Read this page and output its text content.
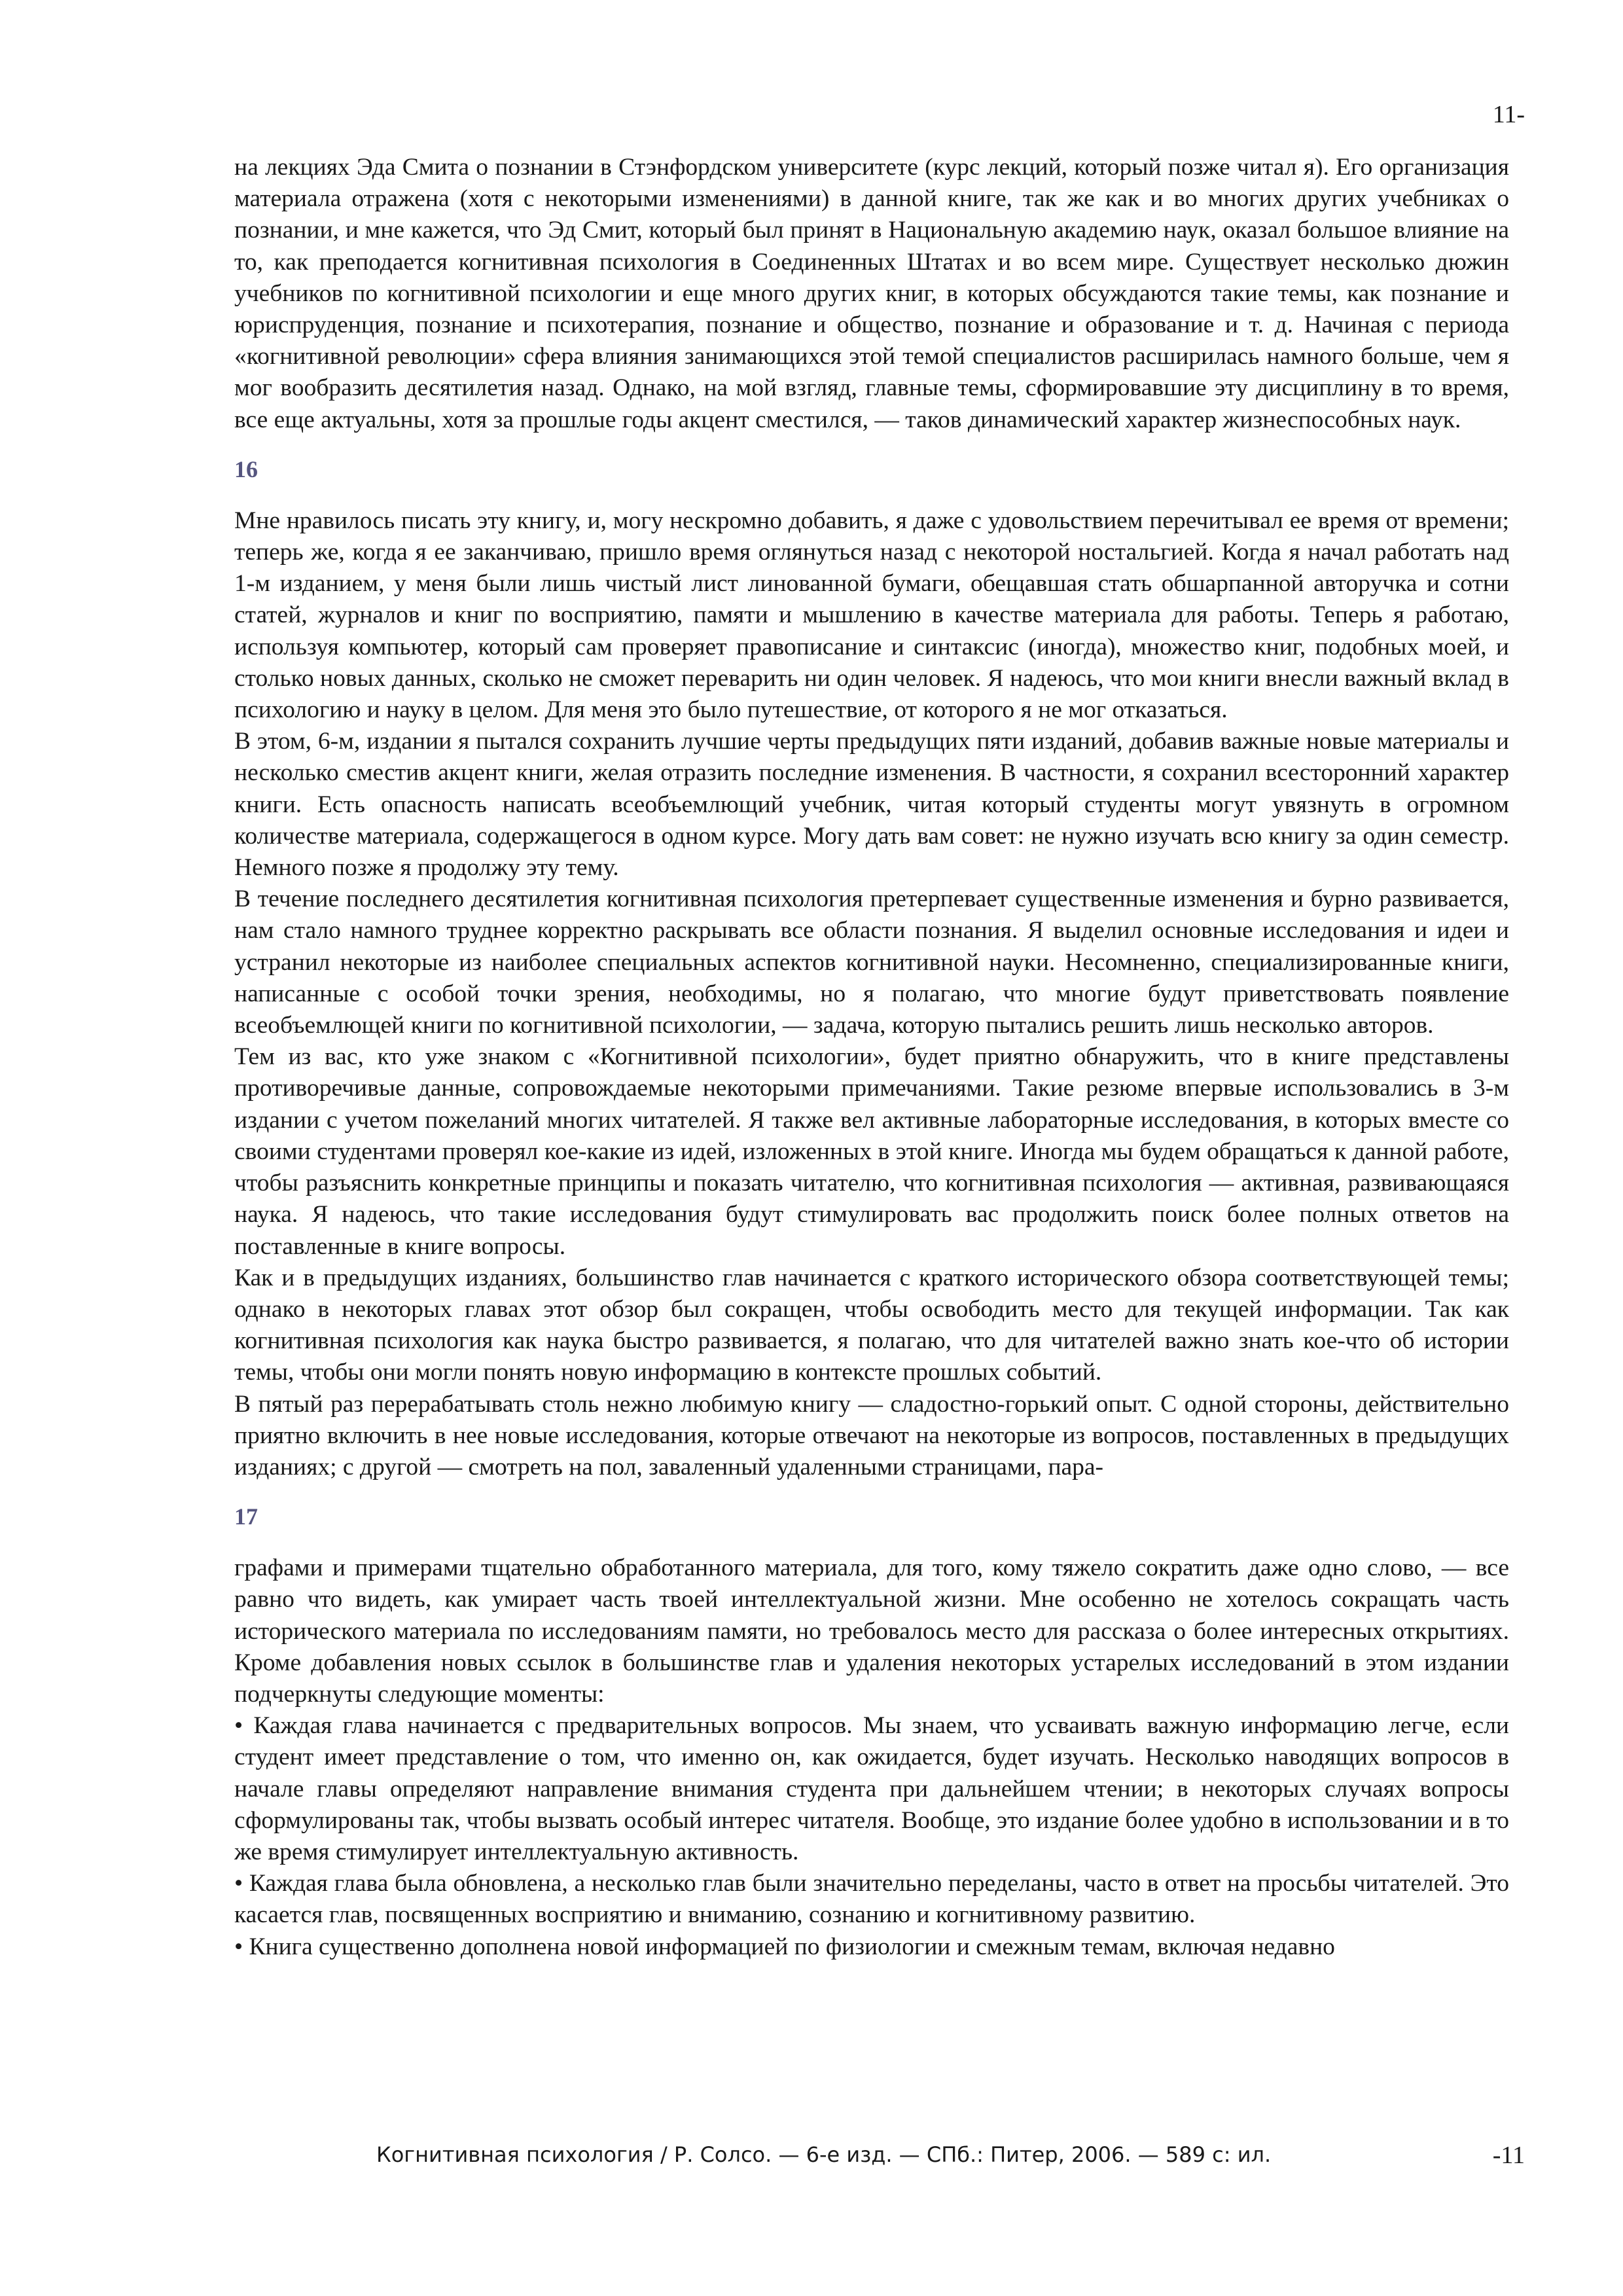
11-

на лекциях Эда Смита о познании в Стэнфордском университете (курс лекций, который позже читал я). Его организация материала отражена (хотя с некоторыми изменениями) в данной книге, так же как и во многих других учебниках о познании, и мне кажется, что Эд Смит, который был принят в Национальную академию наук, оказал большое влияние на то, как преподается когнитивная психология в Соединенных Штатах и во всем мире. Существует несколько дюжин учебников по когнитивной психологии и еще много других книг, в которых обсуждаются такие темы, как познание и юриспруденция, познание и психотерапия, познание и общество, познание и образование и т. д. Начиная с периода «когнитивной революции» сфера влияния занимающихся этой темой специалистов расширилась намного больше, чем я мог вообразить десятилетия назад. Однако, на мой взгляд, главные темы, сформировавшие эту дисциплину в то время, все еще актуальны, хотя за прошлые годы акцент сместился, — таков динамический характер жизнеспособных наук.

16

Мне нравилось писать эту книгу, и, могу нескромно добавить, я даже с удовольствием перечитывал ее время от времени; теперь же, когда я ее заканчиваю, пришло время оглянуться назад с некоторой ностальгией. Когда я начал работать над 1-м изданием, у меня были лишь чистый лист линованной бумаги, обещавшая стать обшарпанной авторучка и сотни статей, журналов и книг по восприятию, памяти и мышлению в качестве материала для работы. Теперь я работаю, используя компьютер, который сам проверяет правописание и синтаксис (иногда), множество книг, подобных моей, и столько новых данных, сколько не сможет переварить ни один человек. Я надеюсь, что мои книги внесли важный вклад в психологию и науку в целом. Для меня это было путешествие, от которого я не мог отказаться.

В этом, 6-м, издании я пытался сохранить лучшие черты предыдущих пяти изданий, добавив важные новые материалы и несколько сместив акцент книги, желая отразить последние изменения. В частности, я сохранил всесторонний характер книги. Есть опасность написать всеобъемлющий учебник, читая который студенты могут увязнуть в огромном количестве материала, содержащегося в одном курсе. Могу дать вам совет: не нужно изучать всю книгу за один семестр. Немного позже я продолжу эту тему.

В течение последнего десятилетия когнитивная психология претерпевает существенные изменения и бурно развивается, нам стало намного труднее корректно раскрывать все области познания. Я выделил основные исследования и идеи и устранил некоторые из наиболее специальных аспектов когнитивной науки. Несомненно, специализированные книги, написанные с особой точки зрения, необходимы, но я полагаю, что многие будут приветствовать появление всеобъемлющей книги по когнитивной психологии, — задача, которую пытались решить лишь несколько авторов.

Тем из вас, кто уже знаком с «Когнитивной психологии», будет приятно обнаружить, что в книге представлены противоречивые данные, сопровождаемые некоторыми примечаниями. Такие резюме впервые использовались в 3-м издании с учетом пожеланий многих читателей. Я также вел активные лабораторные исследования, в которых вместе со своими студентами проверял кое-какие из идей, изложенных в этой книге. Иногда мы будем обращаться к данной работе, чтобы разъяснить конкретные принципы и показать читателю, что когнитивная психология — активная, развивающаяся наука. Я надеюсь, что такие исследования будут стимулировать вас продолжить поиск более полных ответов на поставленные в книге вопросы.

Как и в предыдущих изданиях, большинство глав начинается с краткого исторического обзора соответствующей темы; однако в некоторых главах этот обзор был сокращен, чтобы освободить место для текущей информации. Так как когнитивная психология как наука быстро развивается, я полагаю, что для читателей важно знать кое-что об истории темы, чтобы они могли понять новую информацию в контексте прошлых событий.

В пятый раз перерабатывать столь нежно любимую книгу — сладостно-горький опыт. С одной стороны, действительно приятно включить в нее новые исследования, которые отвечают на некоторые из вопросов, поставленных в предыдущих изданиях; с другой — смотреть на пол, заваленный удаленными страницами, пара-

17

графами и примерами тщательно обработанного материала, для того, кому тяжело сократить даже одно слово, — все равно что видеть, как умирает часть твоей интеллектуальной жизни. Мне особенно не хотелось сокращать часть исторического материала по исследованиям памяти, но требовалось место для рассказа о более интересных открытиях. Кроме добавления новых ссылок в большинстве глав и удаления некоторых устарелых исследований в этом издании подчеркнуты следующие моменты:

• Каждая глава начинается с предварительных вопросов. Мы знаем, что усваивать важную информацию легче, если студент имеет представление о том, что именно он, как ожидается, будет изучать. Несколько наводящих вопросов в начале главы определяют направление внимания студента при дальнейшем чтении; в некоторых случаях вопросы сформулированы так, чтобы вызвать особый интерес читателя. Вообще, это издание более удобно в использовании и в то же время стимулирует интеллектуальную активность.

• Каждая глава была обновлена, а несколько глав были значительно переделаны, часто в ответ на просьбы читателей. Это касается глав, посвященных восприятию и вниманию, сознанию и когнитивному развитию.

• Книга существенно дополнена новой информацией по физиологии и смежным темам, включая недавно

Когнитивная психология / Р. Солсо. — 6-е изд. — СПб.: Питер, 2006. — 589 с: ил.	-11
